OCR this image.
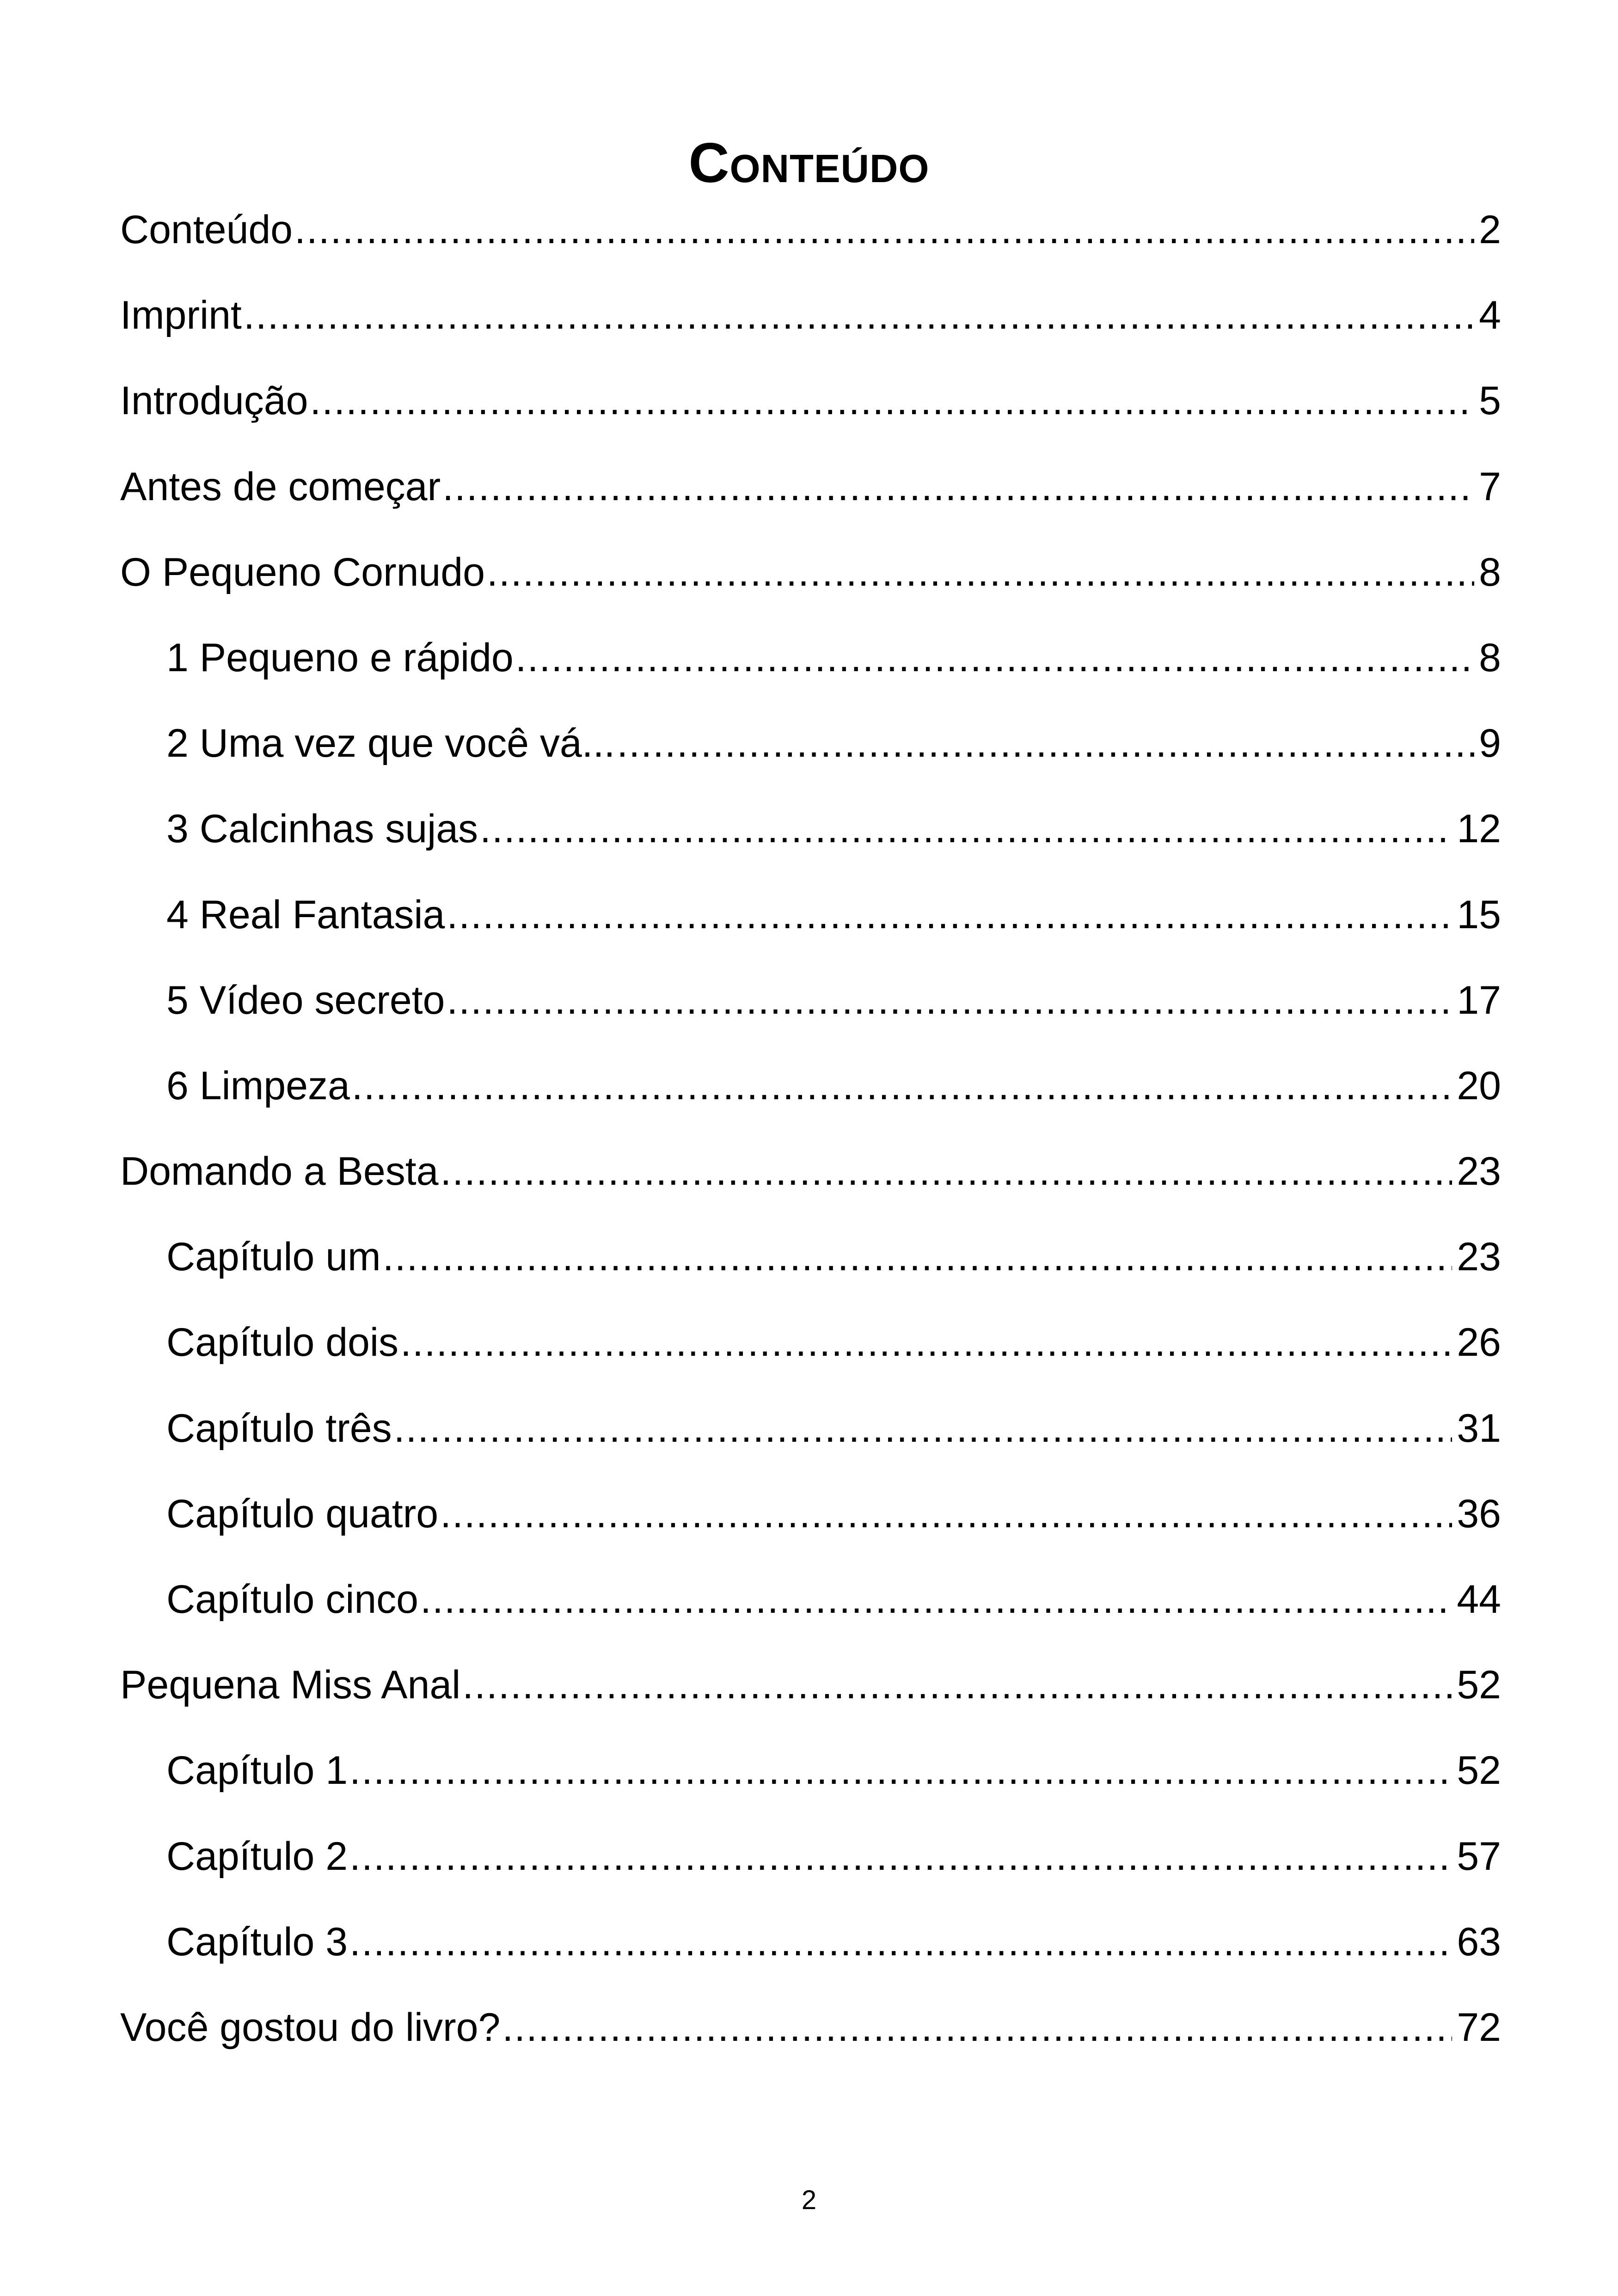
Conteúdo
Conteúdo .....	2
Imprint .....	4
Introdução .....	5
Antes de começar .....	7
O Pequeno Cornudo .....	8
1 Pequeno e rápido .....	8
2 Uma vez que você vá... .....	9
3 Calcinhas sujas .....	12
4 Real Fantasia .....	15
5 Vídeo secreto .....	17
6 Limpeza .....	20
Domando a Besta .....	23
Capítulo um .....	23
Capítulo dois .....	26
Capítulo três .....	31
Capítulo quatro .....	36
Capítulo cinco .....	44
Pequena Miss Anal .....	52
Capítulo 1 .....	52
Capítulo 2 .....	57
Capítulo 3 .....	63
Você gostou do livro? .....	72
2
